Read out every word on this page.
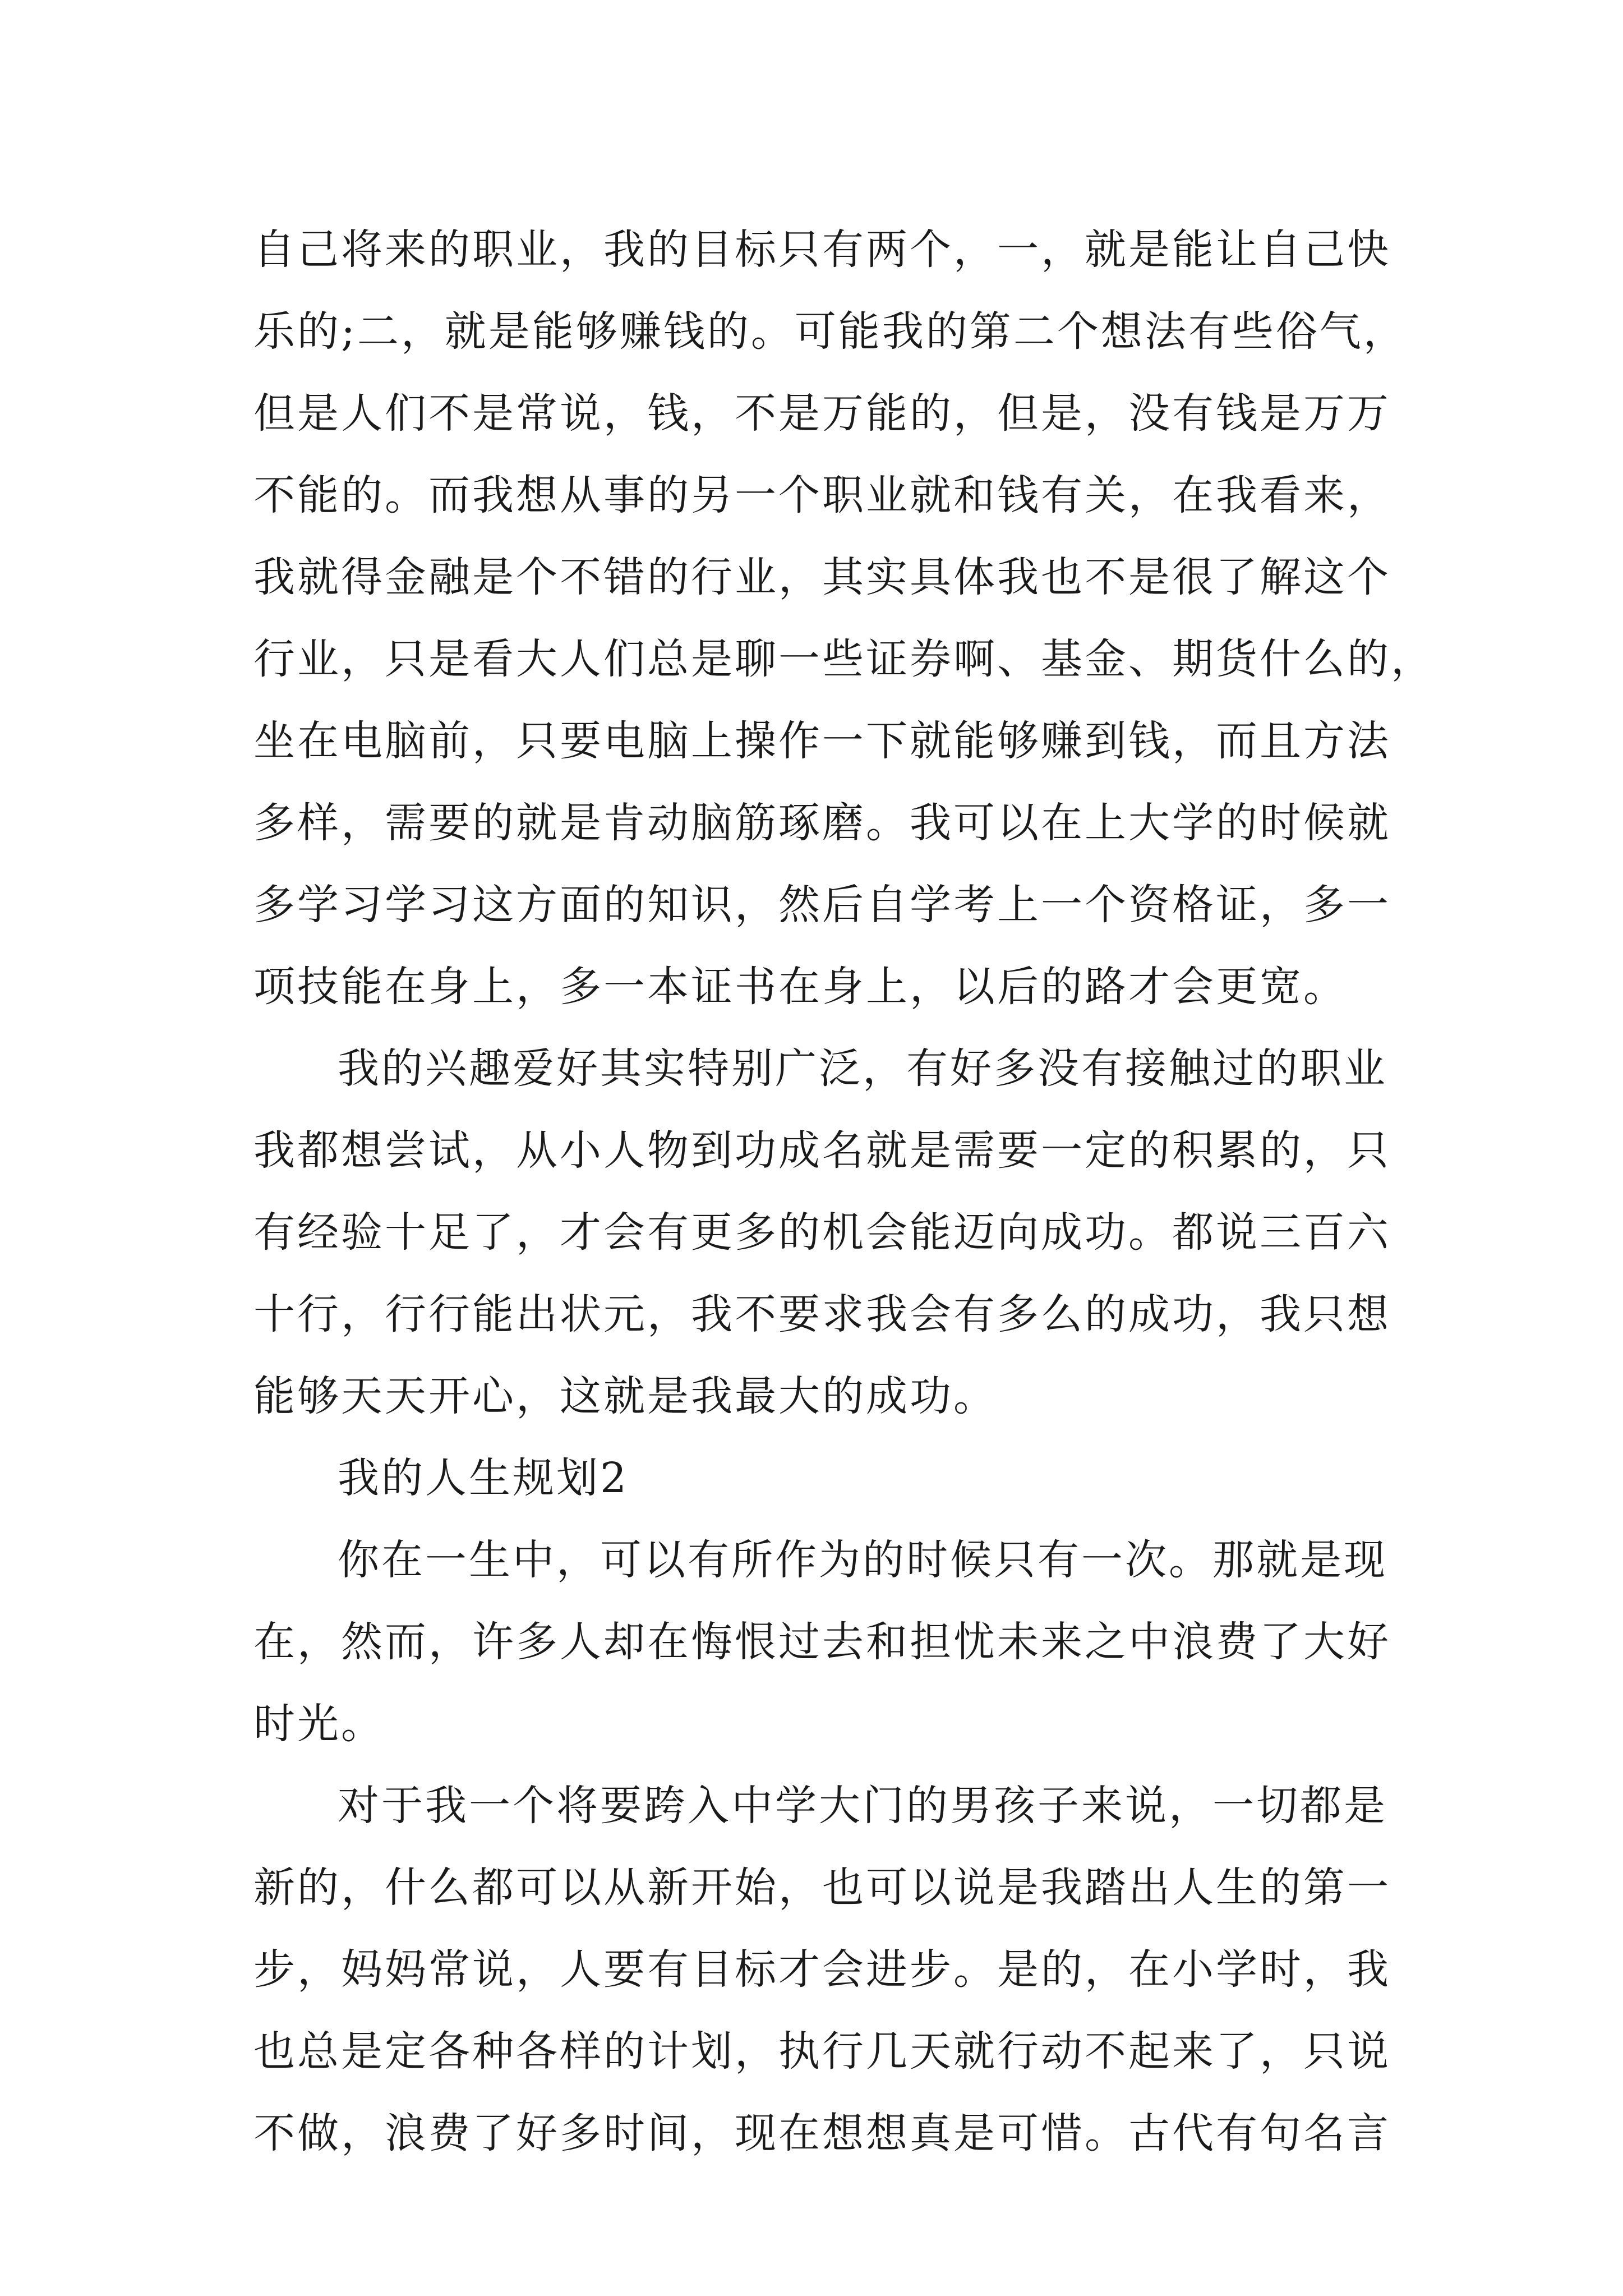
自己将来的职业，我的目标只有两个，一，就是能让自己快
乐的;二，就是能够赚钱的。可能我的第二个想法有些俗气，
但是人们不是常说，钱，不是万能的，但是，没有钱是万万
不能的。而我想从事的另一个职业就和钱有关，在我看来，
我就得金融是个不错的行业，其实具体我也不是很了解这个
行业，只是看大人们总是聊一些证券啊、基金、期货什么的，
坐在电脑前，只要电脑上操作一下就能够赚到钱，而且方法
多样，需要的就是肯动脑筋琢磨。我可以在上大学的时候就
多学习学习这方面的知识，然后自学考上一个资格证，多一
项技能在身上，多一本证书在身上，以后的路才会更宽。
我的兴趣爱好其实特别广泛，有好多没有接触过的职业
我都想尝试，从小人物到功成名就是需要一定的积累的，只
有经验十足了，才会有更多的机会能迈向成功。都说三百六
十行，行行能出状元，我不要求我会有多么的成功，我只想
能够天天开心，这就是我最大的成功。
我的人生规划2
你在一生中，可以有所作为的时候只有一次。那就是现
在，然而，许多人却在悔恨过去和担忧未来之中浪费了大好
时光。
对于我一个将要跨入中学大门的男孩子来说，一切都是
新的，什么都可以从新开始，也可以说是我踏出人生的第一
步，妈妈常说，人要有目标才会进步。是的，在小学时，我
也总是定各种各样的计划，执行几天就行动不起来了，只说
不做，浪费了好多时间，现在想想真是可惜。古代有句名言
